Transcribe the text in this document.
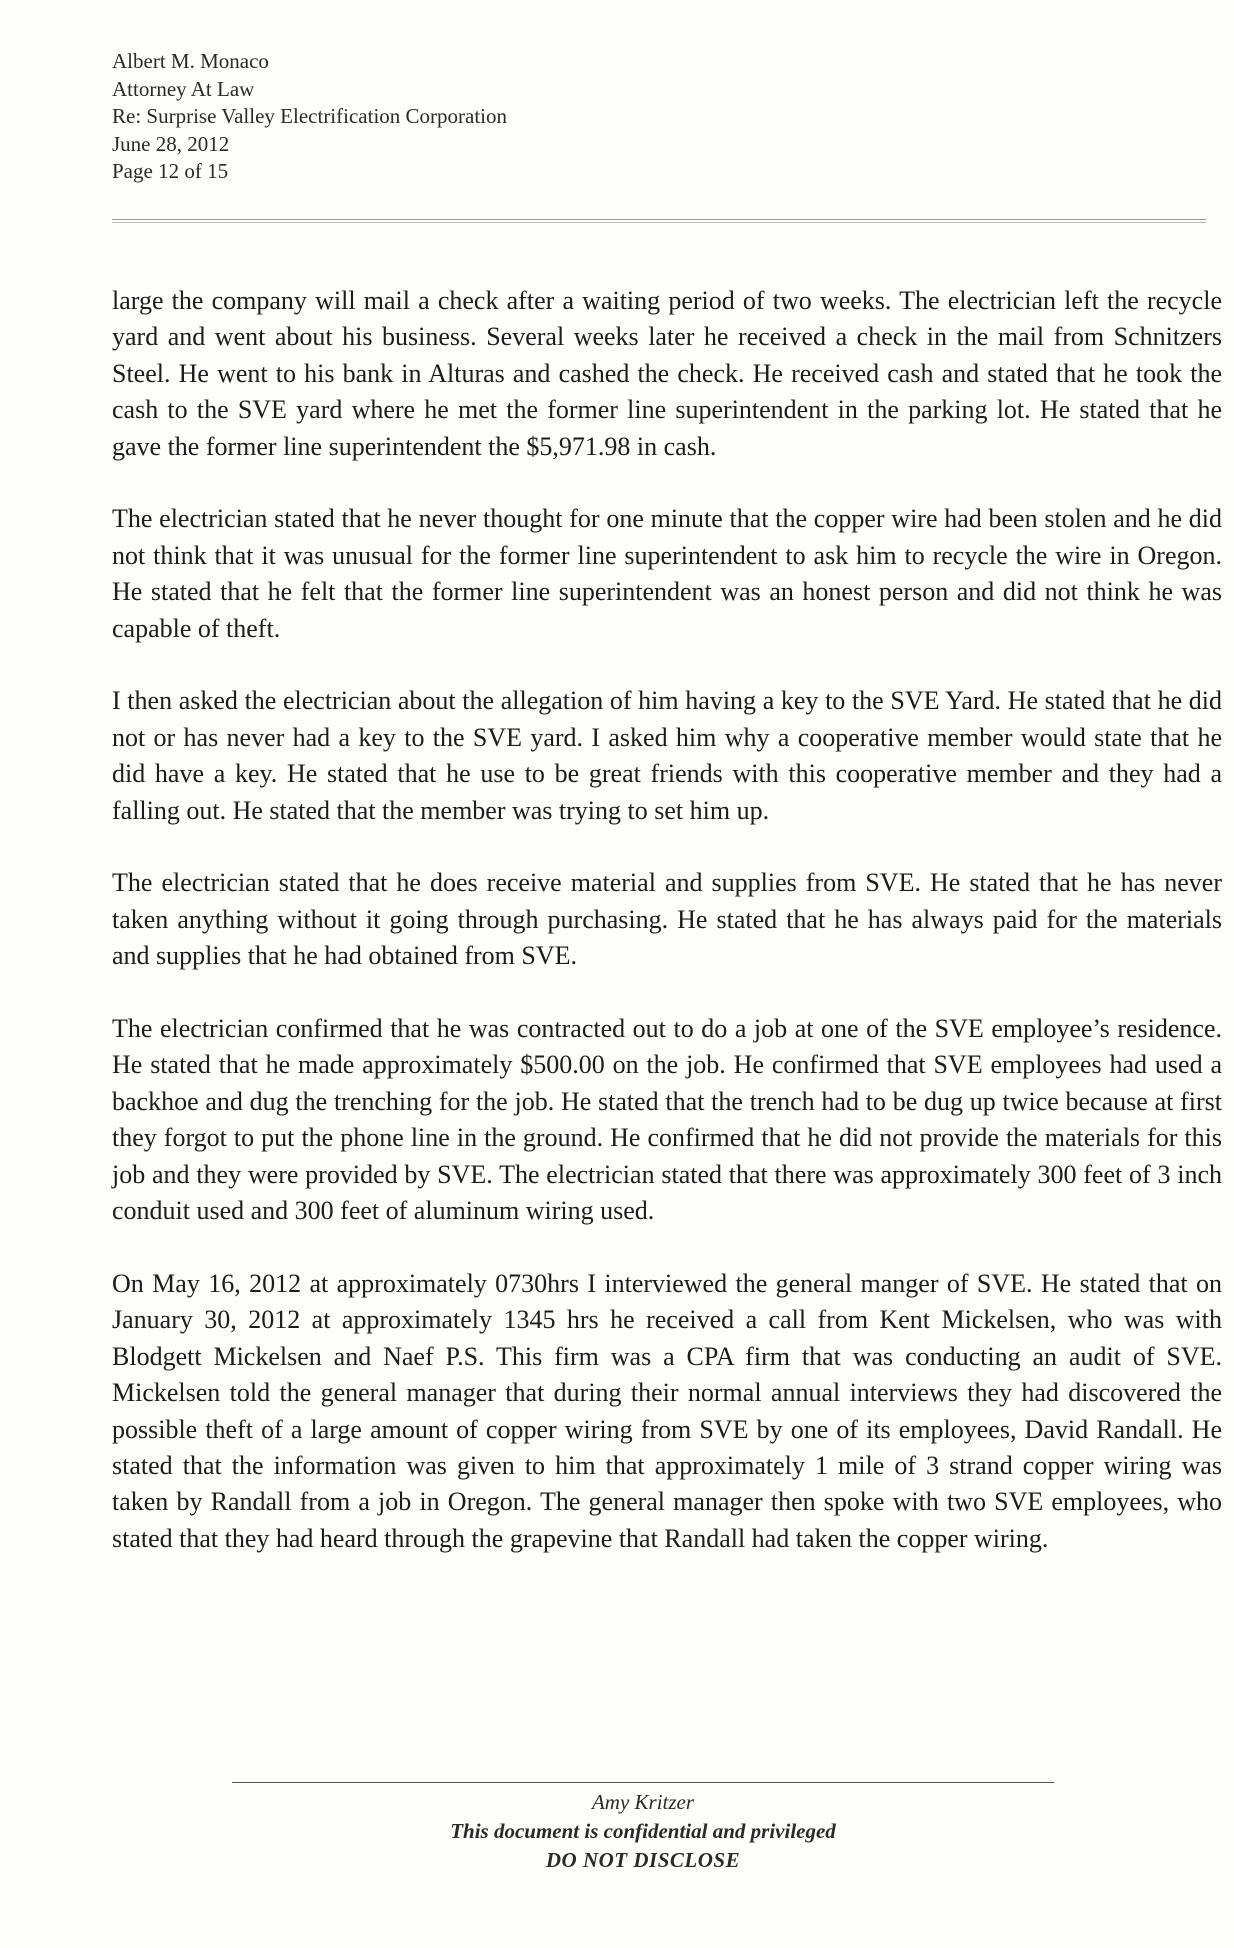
Albert M. Monaco
Attorney At Law
Re: Surprise Valley Electrification Corporation
June 28, 2012
Page 12 of 15

large the company will mail a check after a waiting period of two weeks. The electrician left the recycle yard and went about his business. Several weeks later he received a check in the mail from Schnitzers Steel. He went to his bank in Alturas and cashed the check. He received cash and stated that he took the cash to the SVE yard where he met the former line superintendent in the parking lot. He stated that he gave the former line superintendent the $5,971.98 in cash.

The electrician stated that he never thought for one minute that the copper wire had been stolen and he did not think that it was unusual for the former line superintendent to ask him to recycle the wire in Oregon. He stated that he felt that the former line superintendent was an honest person and did not think he was capable of theft.

I then asked the electrician about the allegation of him having a key to the SVE Yard. He stated that he did not or has never had a key to the SVE yard. I asked him why a cooperative member would state that he did have a key. He stated that he use to be great friends with this cooperative member and they had a falling out. He stated that the member was trying to set him up.

The electrician stated that he does receive material and supplies from SVE. He stated that he has never taken anything without it going through purchasing. He stated that he has always paid for the materials and supplies that he had obtained from SVE.

The electrician confirmed that he was contracted out to do a job at one of the SVE employee’s residence. He stated that he made approximately $500.00 on the job. He confirmed that SVE employees had used a backhoe and dug the trenching for the job. He stated that the trench had to be dug up twice because at first they forgot to put the phone line in the ground. He confirmed that he did not provide the materials for this job and they were provided by SVE. The electrician stated that there was approximately 300 feet of 3 inch conduit used and 300 feet of aluminum wiring used.

On May 16, 2012 at approximately 0730hrs I interviewed the general manger of SVE. He stated that on January 30, 2012 at approximately 1345 hrs he received a call from Kent Mickelsen, who was with Blodgett Mickelsen and Naef P.S. This firm was a CPA firm that was conducting an audit of SVE. Mickelsen told the general manager that during their normal annual interviews they had discovered the possible theft of a large amount of copper wiring from SVE by one of its employees, David Randall. He stated that the information was given to him that approximately 1 mile of 3 strand copper wiring was taken by Randall from a job in Oregon. The general manager then spoke with two SVE employees, who stated that they had heard through the grapevine that Randall had taken the copper wiring.

Amy Kritzer
This document is confidential and privileged
DO NOT DISCLOSE
